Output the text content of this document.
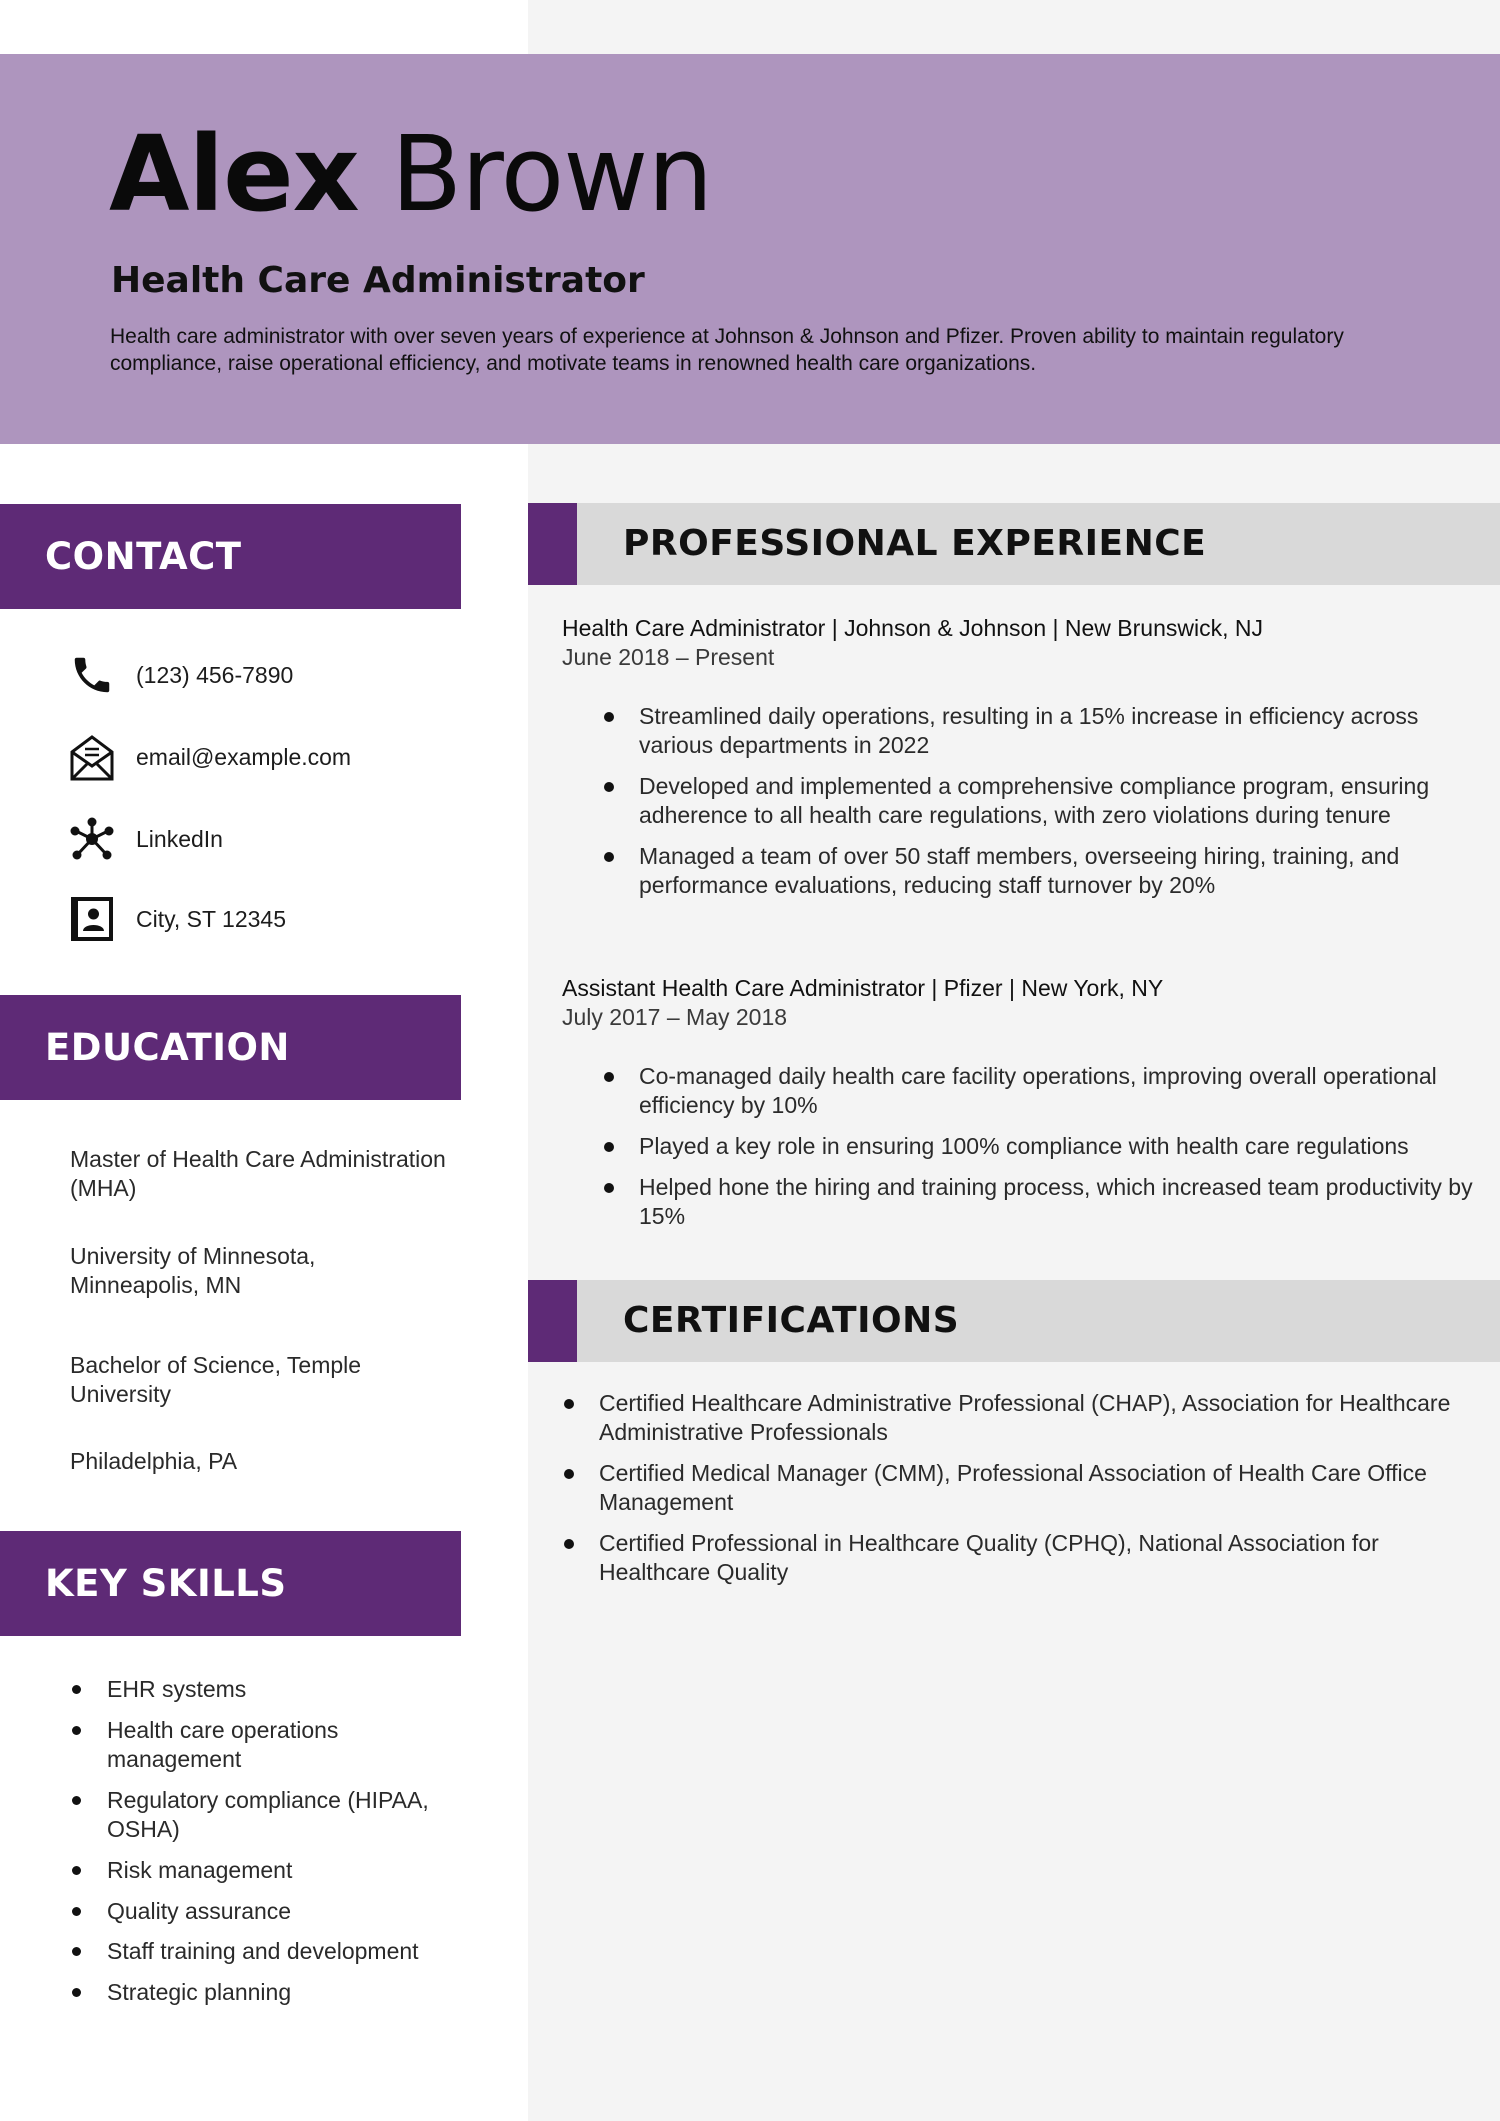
Alex Brown
Health Care Administrator
Health care administrator with over seven years of experience at Johnson & Johnson and Pfizer. Proven ability to maintain regulatory compliance, raise operational efficiency, and motivate teams in renowned health care organizations.
CONTACT
(123) 456-7890
email@example.com
LinkedIn
City, ST 12345
EDUCATION
Master of Health Care Administration (MHA)
University of Minnesota, Minneapolis, MN
Bachelor of Science, Temple University
Philadelphia, PA
KEY SKILLS
EHR systems
Health care operations management
Regulatory compliance (HIPAA, OSHA)
Risk management
Quality assurance
Staff training and development
Strategic planning
PROFESSIONAL EXPERIENCE
Health Care Administrator | Johnson & Johnson | New Brunswick, NJ
June 2018 – Present
Streamlined daily operations, resulting in a 15% increase in efficiency across various departments in 2022
Developed and implemented a comprehensive compliance program, ensuring adherence to all health care regulations, with zero violations during tenure
Managed a team of over 50 staff members, overseeing hiring, training, and performance evaluations, reducing staff turnover by 20%
Assistant Health Care Administrator | Pfizer | New York, NY
July 2017 – May 2018
Co-managed daily health care facility operations, improving overall operational efficiency by 10%
Played a key role in ensuring 100% compliance with health care regulations
Helped hone the hiring and training process, which increased team productivity by 15%
CERTIFICATIONS
Certified Healthcare Administrative Professional (CHAP), Association for Healthcare Administrative Professionals
Certified Medical Manager (CMM), Professional Association of Health Care Office Management
Certified Professional in Healthcare Quality (CPHQ), National Association for Healthcare Quality
